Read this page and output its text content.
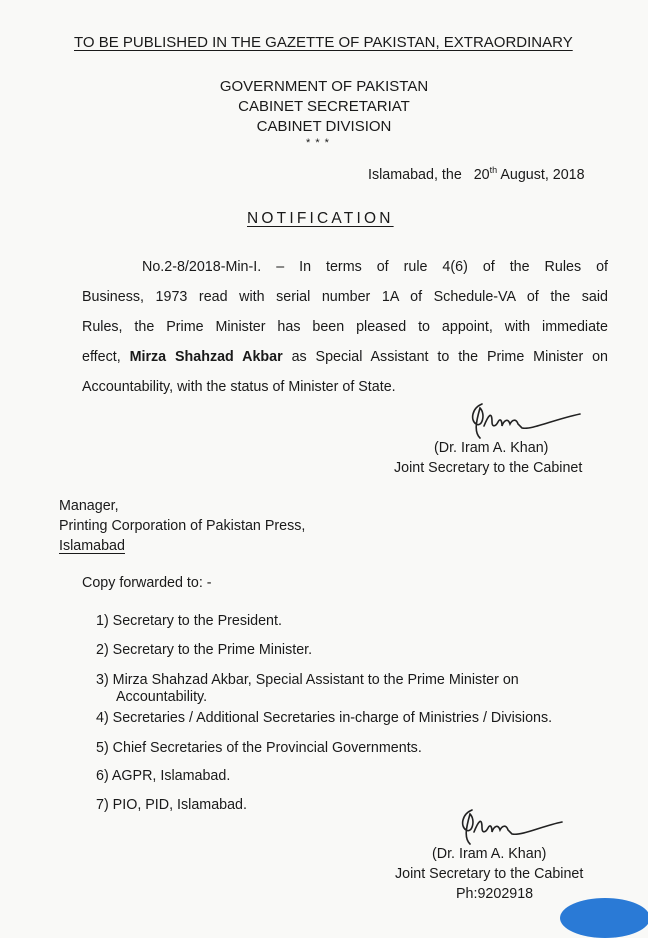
TO BE PUBLISHED IN THE GAZETTE OF PAKISTAN, EXTRAORDINARY
GOVERNMENT OF PAKISTAN
CABINET SECRETARIAT
CABINET DIVISION
* * *
Islamabad, the 20th August, 2018
NOTIFICATION
No.2-8/2018-Min-I. – In terms of rule 4(6) of the Rules of
Business, 1973 read with serial number 1A of Schedule-VA of the said
Rules, the Prime Minister has been pleased to appoint, with immediate
effect, Mirza Shahzad Akbar as Special Assistant to the Prime Minister on
Accountability, with the status of Minister of State.
(Dr. Iram A. Khan)
Joint Secretary to the Cabinet
Manager,
Printing Corporation of Pakistan Press,
Islamabad
Copy forwarded to: -
1) Secretary to the President.
2) Secretary to the Prime Minister.
3) Mirza Shahzad Akbar, Special Assistant to the Prime Minister on
Accountability.
4) Secretaries / Additional Secretaries in-charge of Ministries / Divisions.
5) Chief Secretaries of the Provincial Governments.
6) AGPR, Islamabad.
7) PIO, PID, Islamabad.
(Dr. Iram A. Khan)
Joint Secretary to the Cabinet
Ph:9202918
